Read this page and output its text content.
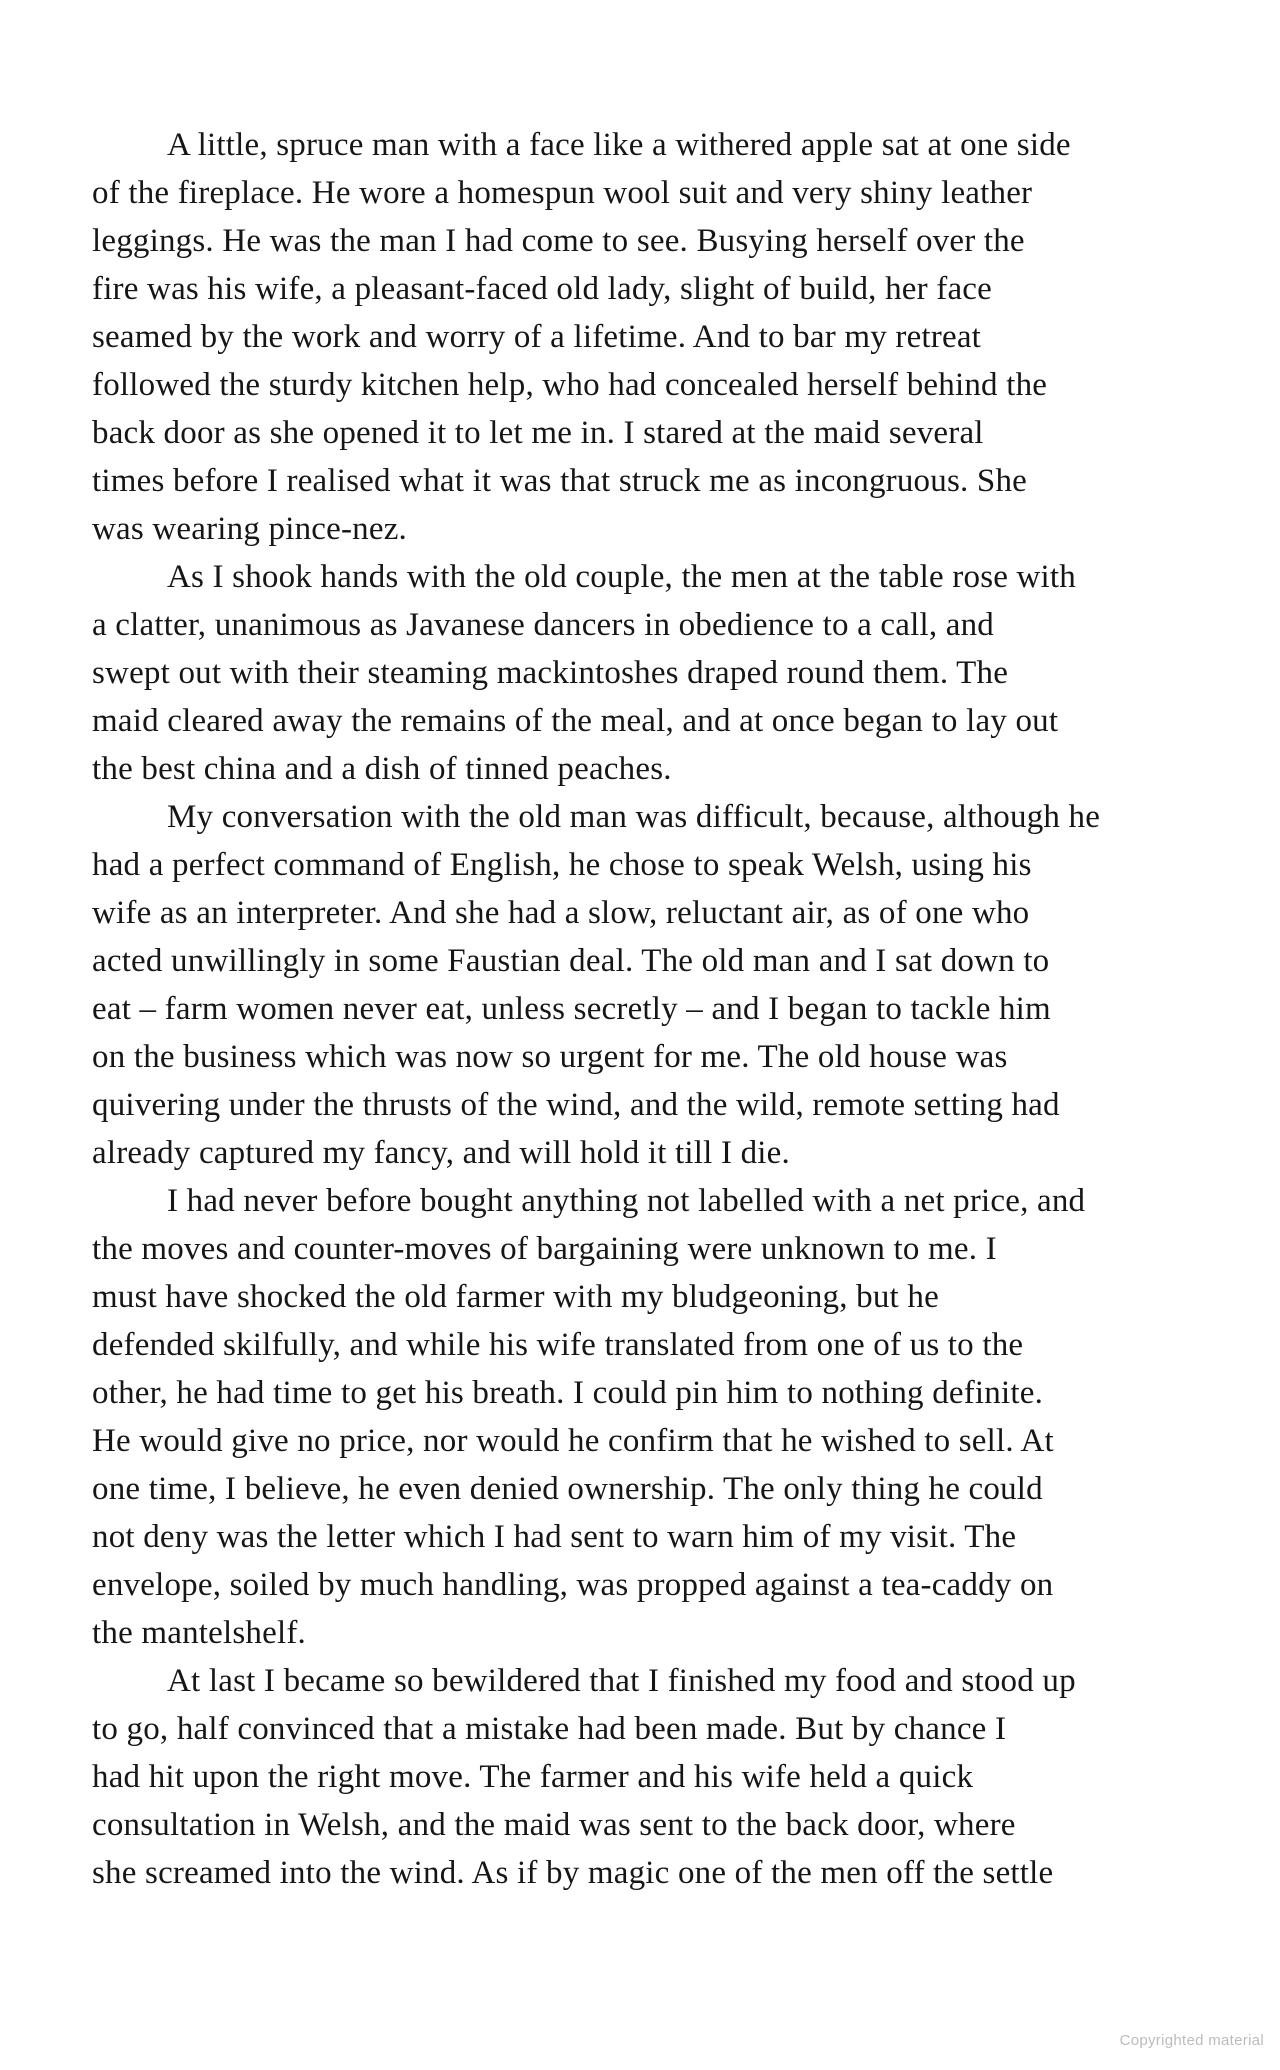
A little, spruce man with a face like a withered apple sat at one side
of the fireplace. He wore a homespun wool suit and very shiny leather
leggings. He was the man I had come to see. Busying herself over the
fire was his wife, a pleasant-faced old lady, slight of build, her face
seamed by the work and worry of a lifetime. And to bar my retreat
followed the sturdy kitchen help, who had concealed herself behind the
back door as she opened it to let me in. I stared at the maid several
times before I realised what it was that struck me as incongruous. She
was wearing pince-nez.
As I shook hands with the old couple, the men at the table rose with
a clatter, unanimous as Javanese dancers in obedience to a call, and
swept out with their steaming mackintoshes draped round them. The
maid cleared away the remains of the meal, and at once began to lay out
the best china and a dish of tinned peaches.
My conversation with the old man was difficult, because, although he
had a perfect command of English, he chose to speak Welsh, using his
wife as an interpreter. And she had a slow, reluctant air, as of one who
acted unwillingly in some Faustian deal. The old man and I sat down to
eat – farm women never eat, unless secretly – and I began to tackle him
on the business which was now so urgent for me. The old house was
quivering under the thrusts of the wind, and the wild, remote setting had
already captured my fancy, and will hold it till I die.
I had never before bought anything not labelled with a net price, and
the moves and counter-moves of bargaining were unknown to me. I
must have shocked the old farmer with my bludgeoning, but he
defended skilfully, and while his wife translated from one of us to the
other, he had time to get his breath. I could pin him to nothing definite.
He would give no price, nor would he confirm that he wished to sell. At
one time, I believe, he even denied ownership. The only thing he could
not deny was the letter which I had sent to warn him of my visit. The
envelope, soiled by much handling, was propped against a tea-caddy on
the mantelshelf.
At last I became so bewildered that I finished my food and stood up
to go, half convinced that a mistake had been made. But by chance I
had hit upon the right move. The farmer and his wife held a quick
consultation in Welsh, and the maid was sent to the back door, where
she screamed into the wind. As if by magic one of the men off the settle
Copyrighted material
